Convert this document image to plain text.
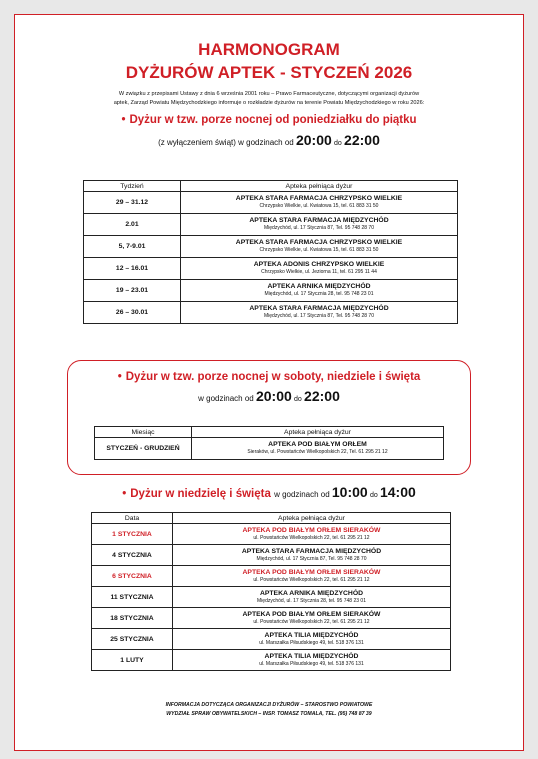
HARMONOGRAM
DYŻURÓW APTEK - STYCZEŃ 2026
W związku z przepisami Ustawy z dnia 6 września 2001 roku – Prawo Farmaceutyczne, dotyczącymi organizacji dyżurów
aptek, Zarząd Powiatu Międzychodzkiego informuje o rozkładzie dyżurów na terenie Powiatu Międzychodzkiego w roku 2026:
• Dyżur w tzw. porze nocnej od poniedziałku do piątku
(z wyłączeniem świąt) w godzinach od 20:00 do 22:00
Tydzień	Apteka pełniąca dyżur
29 – 31.12	APTEKA STARA FARMACJA CHRZYPSKO WIELKIE
Chrzypsko Wielkie, ul. Kwiatowa 15, tel. 61 883 31 50

2.01	APTEKA STARA FARMACJA MIĘDZYCHÓD
Międzychód, ul. 17 Stycznia 87, Tel. 95 748 28 70

5, 7-9.01	APTEKA STARA FARMACJA CHRZYPSKO WIELKIE
Chrzypsko Wielkie, ul. Kwiatowa 15, tel. 61 883 31 50

12 – 16.01	APTEKA ADONIS CHRZYPSKO WIELKIE
Chrzypsko Wielkie, ul. Jeziorna 11, tel. 61 295 11 44

19 – 23.01	APTEKA ARNIKA MIĘDZYCHÓD
Międzychód, ul. 17 Stycznia 28, tel. 95 748 23 01

26 – 30.01	APTEKA STARA FARMACJA MIĘDZYCHÓD
Międzychód, ul. 17 Stycznia 87, Tel. 95 748 28 70
• Dyżur w tzw. porze nocnej w soboty, niedziele i święta
w godzinach od 20:00 do 22:00
Miesiąc	Apteka pełniąca dyżur
STYCZEŃ - GRUDZIEŃ	APTEKA POD BIAŁYM ORŁEM
Sieraków, ul. Powstańców Wielkopolskich 22, Tel. 61 295 21 12
• Dyżur w niedzielę i święta w godzinach od 10:00 do 14:00
Data	Apteka pełniąca dyżur
1 STYCZNIA	APTEKA POD BIAŁYM ORŁEM SIERAKÓW
ul. Powstańców Wielkopolskich 22, tel. 61 295 21 12

4 STYCZNIA	APTEKA STARA FARMACJA MIĘDZYCHÓD
Międzychód, ul. 17 Stycznia 87, Tel. 95 748 28 70

6 STYCZNIA	APTEKA POD BIAŁYM ORŁEM SIERAKÓW
ul. Powstańców Wielkopolskich 22, tel. 61 295 21 12

11 STYCZNIA	APTEKA ARNIKA MIĘDZYCHÓD
Międzychód, ul. 17 Stycznia 28, tel. 95 748 23 01

18 STYCZNIA	APTEKA POD BIAŁYM ORŁEM SIERAKÓW
ul. Powstańców Wielkopolskich 22, tel. 61 295 21 12

25 STYCZNIA	APTEKA TILIA MIĘDZYCHÓD
ul. Marszałka Piłsudskiego 49, tel. 518 376 131

1 LUTY	APTEKA TILIA MIĘDZYCHÓD
ul. Marszałka Piłsudskiego 49, tel. 518 376 131
INFORMACJA DOTYCZĄCA ORGANIZACJI DYŻURÓW – STAROSTWO POWIATOWE
WYDZIAŁ SPRAW OBYWATELSKICH – INSP. TOMASZ TOMALA, TEL. (95) 748 87 39
